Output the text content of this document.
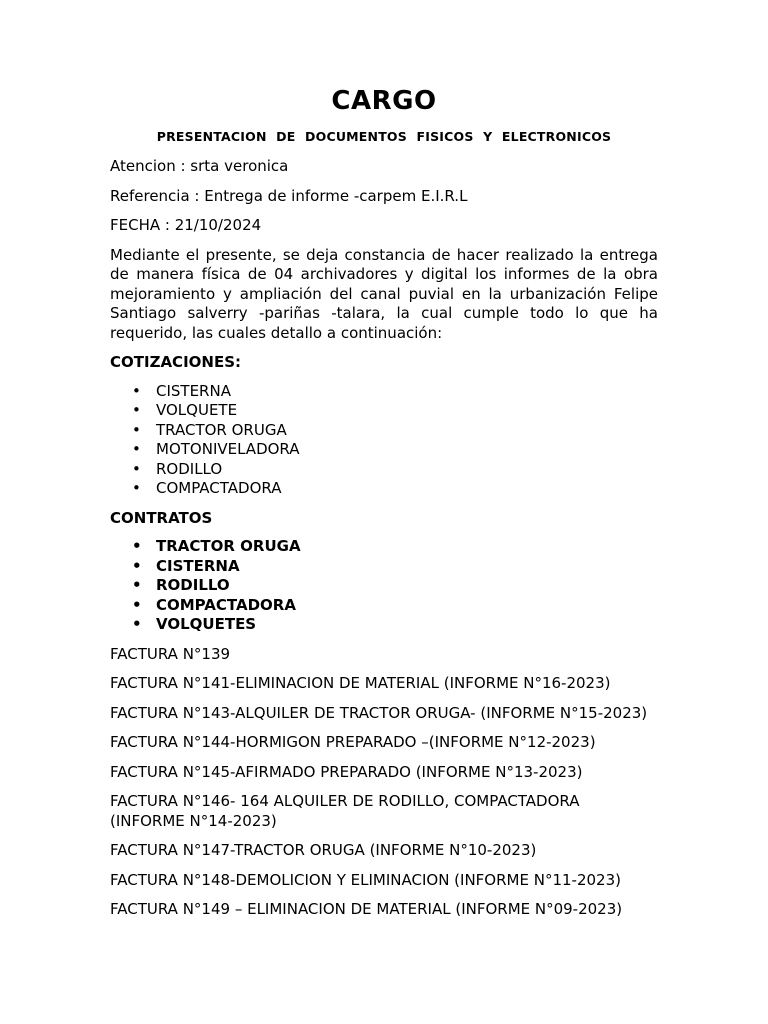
CARGO

PRESENTACION DE DOCUMENTOS FISICOS Y ELECTRONICOS

Atencion : srta veronica

Referencia : Entrega de informe -carpem E.I.R.L

FECHA : 21/10/2024

Mediante el presente, se deja constancia de hacer realizado la entrega de manera física de 04 archivadores y digital los informes de la obra mejoramiento y ampliación del canal puvial en la urbanización Felipe Santiago salverry -pariñas -talara, la cual cumple todo lo que ha requerido, las cuales detallo a continuación:

COTIZACIONES:

• CISTERNA
• VOLQUETE
• TRACTOR ORUGA
• MOTONIVELADORA
• RODILLO
• COMPACTADORA

CONTRATOS

• TRACTOR ORUGA
• CISTERNA
• RODILLO
• COMPACTADORA
• VOLQUETES

FACTURA N°139

FACTURA N°141-ELIMINACION DE MATERIAL (INFORME N°16-2023)

FACTURA N°143-ALQUILER DE TRACTOR ORUGA- (INFORME N°15-2023)

FACTURA N°144-HORMIGON PREPARADO –(INFORME N°12-2023)

FACTURA N°145-AFIRMADO PREPARADO (INFORME N°13-2023)

FACTURA N°146- 164 ALQUILER DE RODILLO, COMPACTADORA (INFORME N°14-2023)

FACTURA N°147-TRACTOR ORUGA (INFORME N°10-2023)

FACTURA N°148-DEMOLICION Y ELIMINACION (INFORME N°11-2023)

FACTURA N°149 – ELIMINACION DE MATERIAL (INFORME N°09-2023)
